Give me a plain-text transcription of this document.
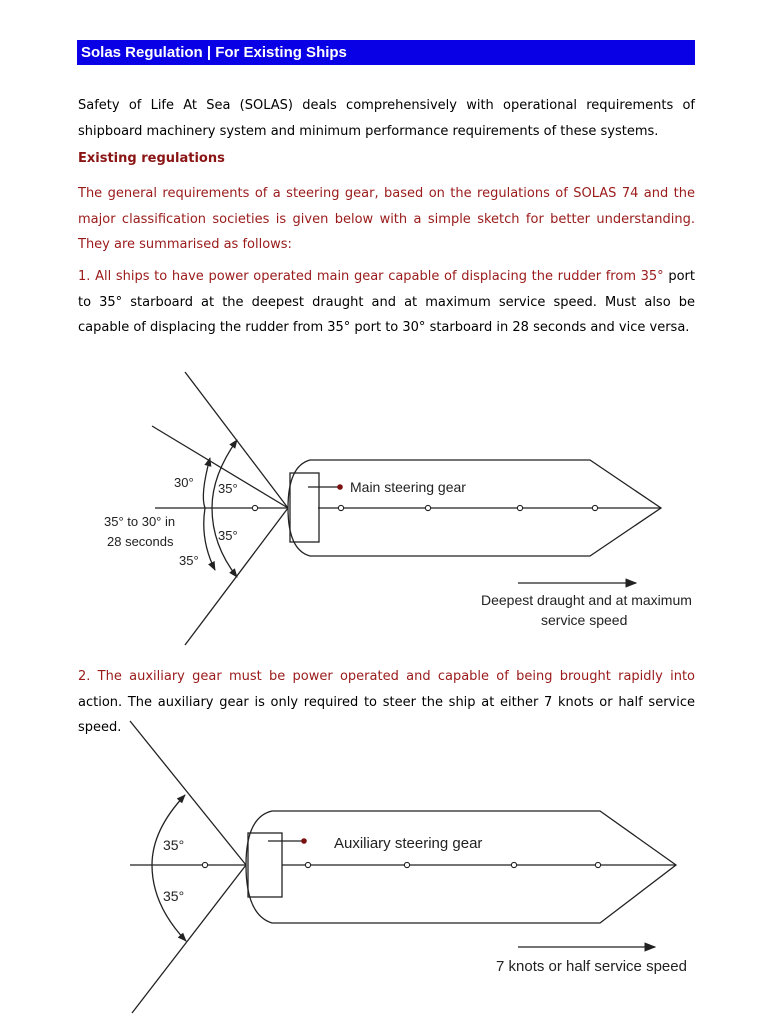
Solas Regulation | For Existing Ships

Safety of Life At Sea (SOLAS) deals comprehensively with operational requirements of shipboard machinery system and minimum performance requirements of these systems.

Existing regulations

The general requirements of a steering gear, based on the regulations of SOLAS 74 and the major classification societies is given below with a simple sketch for better understanding. They are summarised as follows:

1. All ships to have power operated main gear capable of displacing the rudder from 35° port to 35° starboard at the deepest draught and at maximum service speed. Must also be capable of displacing the rudder from 35° port to 30° starboard in 28 seconds and vice versa.

2. The auxiliary gear must be power operated and capable of being brought rapidly into action. The auxiliary gear is only required to steer the ship at either 7 knots or half service speed.

30° 35°
35°
35°
35° to 30° in
28 seconds
Main steering gear
Deepest draught and at maximum
service speed
35°
35°
Auxiliary steering gear
7 knots or half service speed
